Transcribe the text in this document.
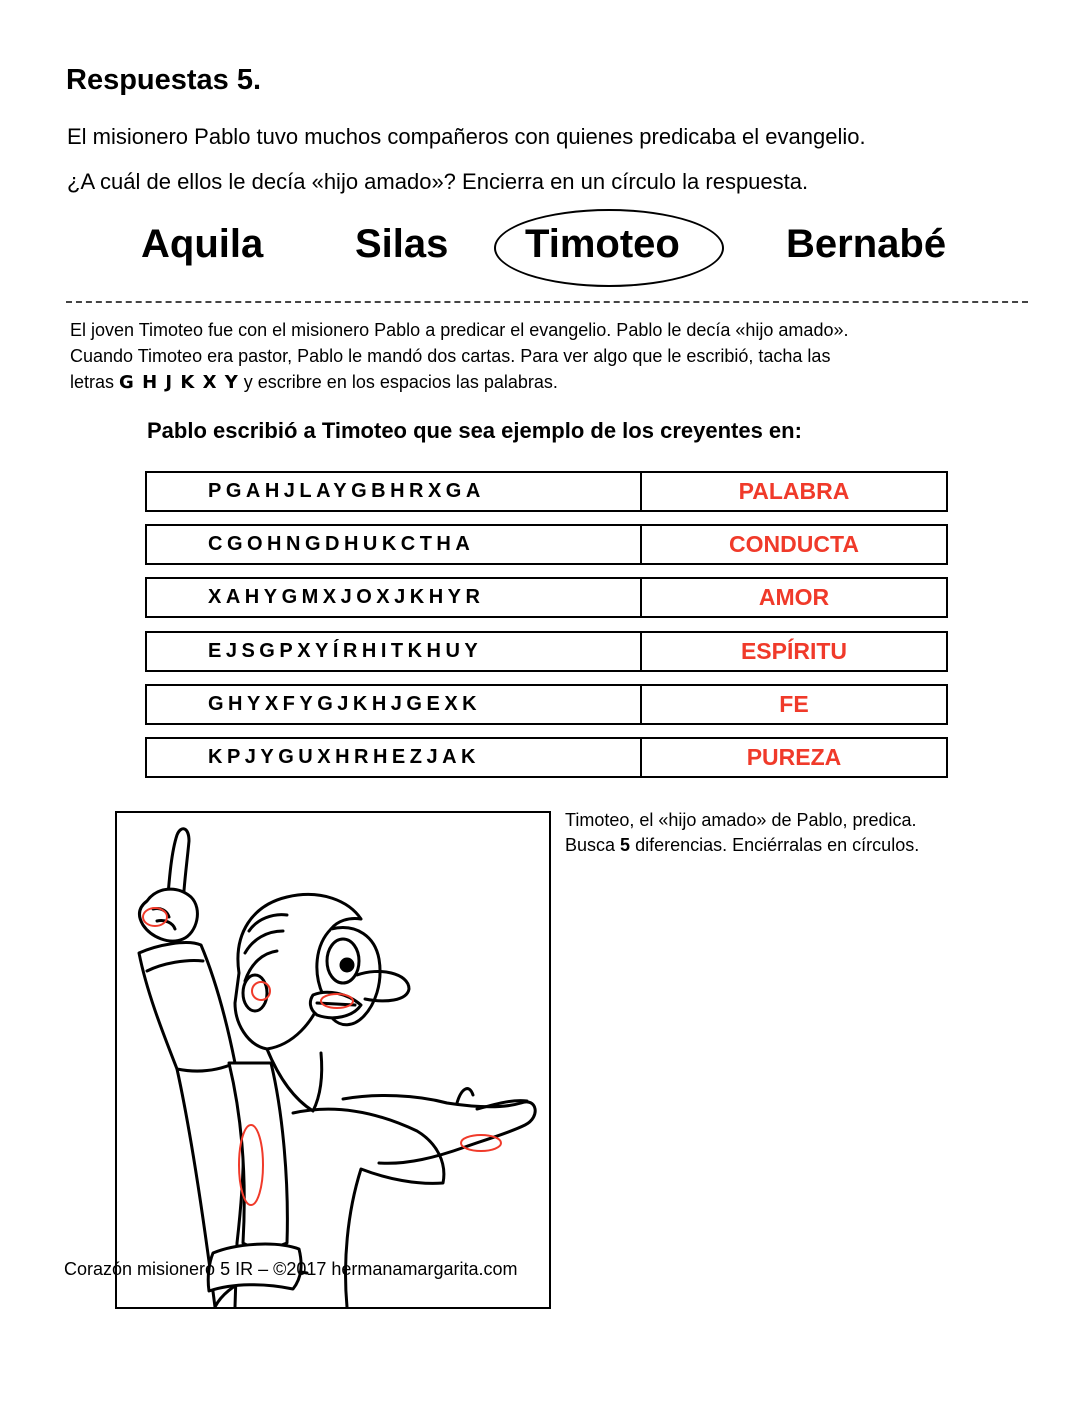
Respuestas 5.
El misionero Pablo tuvo muchos compañeros con quienes predicaba el evangelio.
¿A cuál de ellos le decía «hijo amado»? Encierra en un círculo la respuesta.
Aquila Silas Timoteo	Bernabé
El joven Timoteo fue con el misionero Pablo a predicar el evangelio. Pablo le decía «hijo amado».
Cuando Timoteo era pastor, Pablo le mandó dos cartas. Para ver algo que le escribió, tacha las
letras G H J K X Y y escribre en los espacios las palabras.
Pablo escribió a Timoteo que sea ejemplo de los creyentes en:
PGAHJLAYGBHRXGA	PALABRA
CGOHNGDHUKCTHA	CONDUCTA
XAHYGMXJOXJKHYR	AMOR
EJSGPXYÍRHITKHUY	ESPÍRITU
GHYXFYGJKHJGEXK	FE
KPJYGUXHRHEZJAK	PUREZA
Timoteo, el «hijo amado» de Pablo, predica.
Busca 5 diferencias. Enciérralas en círculos.
Corazón misionero 5 IR – ©2017 hermanamargarita.com
